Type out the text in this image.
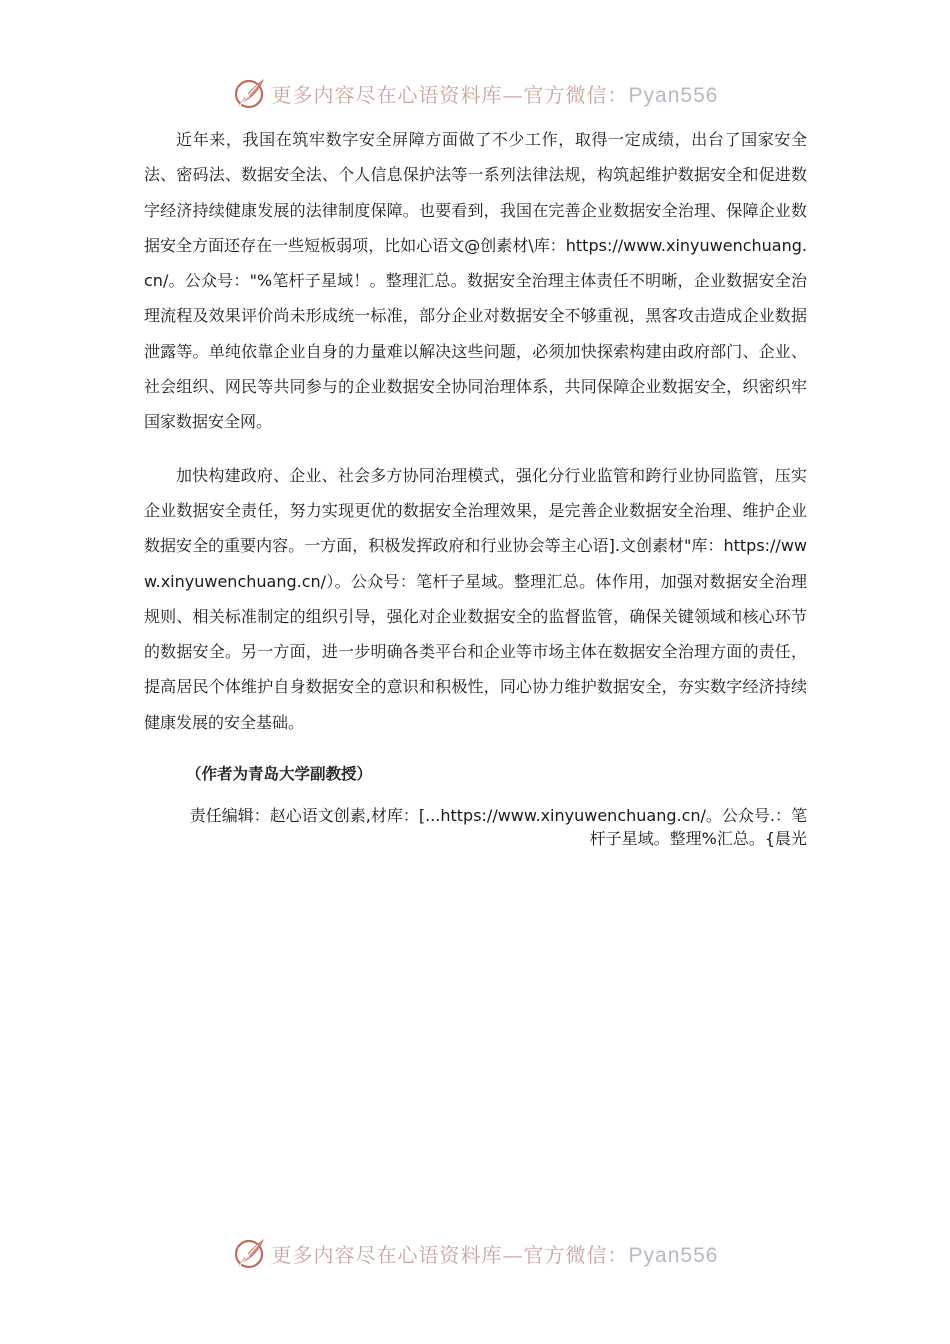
更多内容尽在心语资料库—官方微信：Pyan556

近年来，我国在筑牢数字安全屏障方面做了不少工作，取得一定成绩，出台了国家安全法、密码法、数据安全法、个人信息保护法等一系列法律法规，构筑起维护数据安全和促进数字经济持续健康发展的法律制度保障。也要看到，我国在完善企业数据安全治理、保障企业数据安全方面还存在一些短板弱项，比如心语文@创素材\库：https://www.xinyuwenchuang.cn/。公众号："%笔杆子星域！。整理汇总。数据安全治理主体责任不明晰，企业数据安全治理流程及效果评价尚未形成统一标准，部分企业对数据安全不够重视，黑客攻击造成企业数据泄露等。单纯依靠企业自身的力量难以解决这些问题，必须加快探索构建由政府部门、企业、社会组织、网民等共同参与的企业数据安全协同治理体系，共同保障企业数据安全，织密织牢国家数据安全网。

加快构建政府、企业、社会多方协同治理模式，强化分行业监管和跨行业协同监管，压实企业数据安全责任，努力实现更优的数据安全治理效果，是完善企业数据安全治理、维护企业数据安全的重要内容。一方面，积极发挥政府和行业协会等主心语].文创素材"库：https://www.xinyuwenchuang.cn/）。公众号：笔杆子星域。整理汇总。体作用，加强对数据安全治理规则、相关标准制定的组织引导，强化对企业数据安全的监督监管，确保关键领域和核心环节的数据安全。另一方面，进一步明确各类平台和企业等市场主体在数据安全治理方面的责任，提高居民个体维护自身数据安全的意识和积极性，同心协力维护数据安全，夯实数字经济持续健康发展的安全基础。

（作者为青岛大学副教授）

责任编辑：赵心语文创素,材库：[...https://www.xinyuwenchuang.cn/。公众号.：笔
杆子星域。整理%汇总。{晨光
更多内容尽在心语资料库—官方微信：Pyan556
